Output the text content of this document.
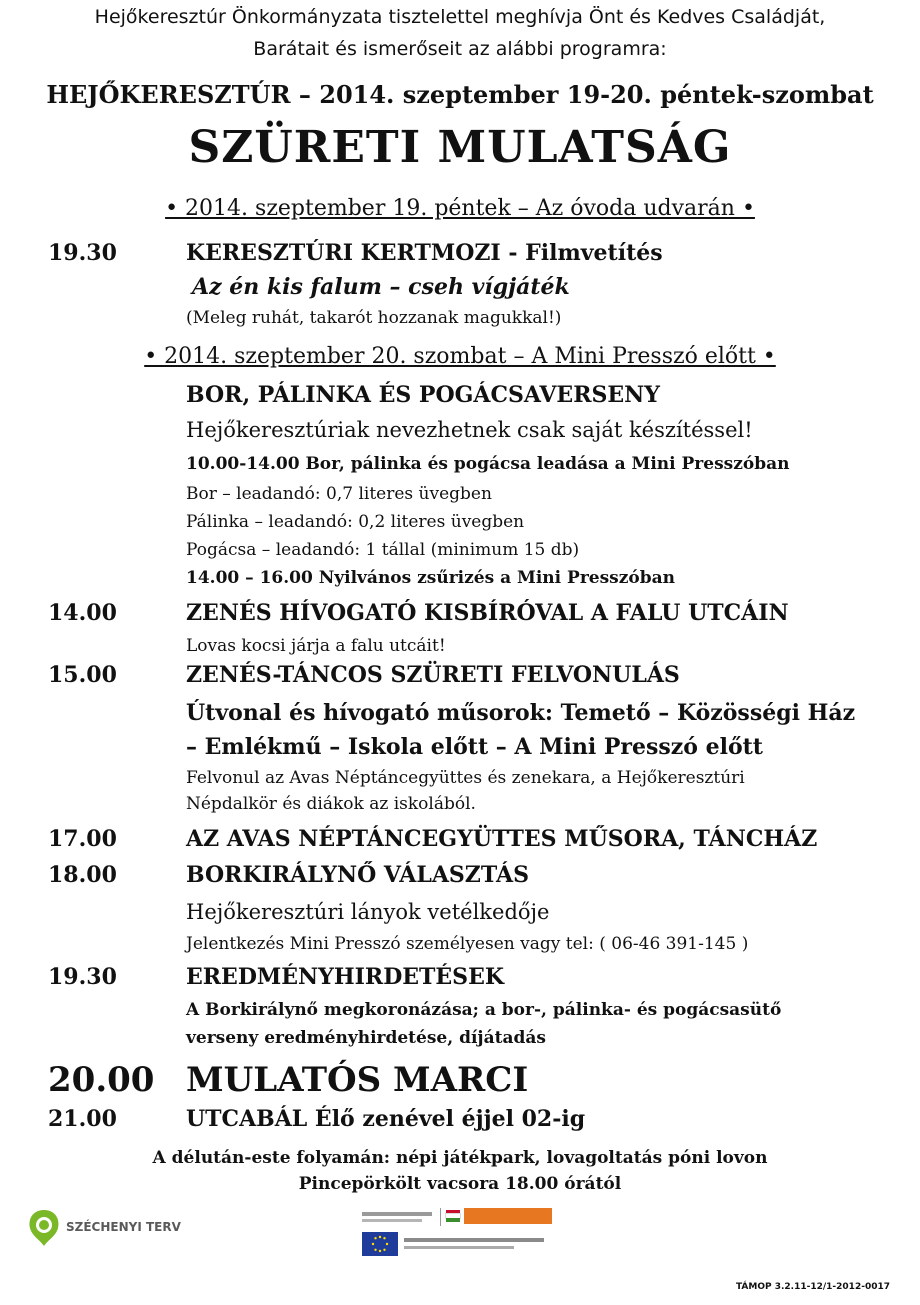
Hejőkeresztúr Önkormányzata tisztelettel meghívja Önt és Kedves Családját,
Barátait és ismerőseit az alábbi programra:
HEJŐKERESZTÚR – 2014. szeptember 19-20. péntek-szombat
SZÜRETI MULATSÁG
• 2014. szeptember 19. péntek – Az óvoda udvarán •
19.30	KERESZTÚRI KERTMOZI - Filmvetítés
Az én kis falum – cseh vígjáték
(Meleg ruhát, takarót hozzanak magukkal!)
• 2014. szeptember 20. szombat – A Mini Presszó előtt •
BOR, PÁLINKA ÉS POGÁCSAVERSENY
Hejőkeresztúriak nevezhetnek csak saját készítéssel!
10.00-14.00 Bor, pálinka és pogácsa leadása a Mini Presszóban
Bor – leadandó: 0,7 literes üvegben
Pálinka – leadandó: 0,2 literes üvegben
Pogácsa – leadandó: 1 tállal (minimum 15 db)
14.00 – 16.00 Nyilvános zsűrizés a Mini Presszóban
14.00	ZENÉS HÍVOGATÓ KISBÍRÓVAL A FALU UTCÁIN
Lovas kocsi járja a falu utcáit!
15.00	ZENÉS-TÁNCOS SZÜRETI FELVONULÁS
Útvonal és hívogató műsorok: Temető – Közösségi Ház
– Emlékmű – Iskola előtt – A Mini Presszó előtt
Felvonul az Avas Néptáncegyüttes és zenekara, a Hejőkeresztúri
Népdalkör és diákok az iskolából.
17.00	AZ AVAS NÉPTÁNCEGYÜTTES MŰSORA, TÁNCHÁZ
18.00	BORKIRÁLYNŐ VÁLASZTÁS
Hejőkeresztúri lányok vetélkedője
Jelentkezés Mini Presszó személyesen vagy tel: ( 06-46 391-145 )
19.30	EREDMÉNYHIRDETÉSEK
A Borkirálynő megkoronázása; a bor-, pálinka- és pogácsasütő
verseny eredményhirdetése, díjátadás
20.00 MULATÓS MARCI
21.00	UTCABÁL Élő zenével éjjel 02-ig
A délután-este folyamán: népi játékpark, lovagoltatás póni lovon
Pincepörkölt vacsora 18.00 órától
SZÉCHENYI TERV
TÁMOP 3.2.11-12/1-2012-0017
